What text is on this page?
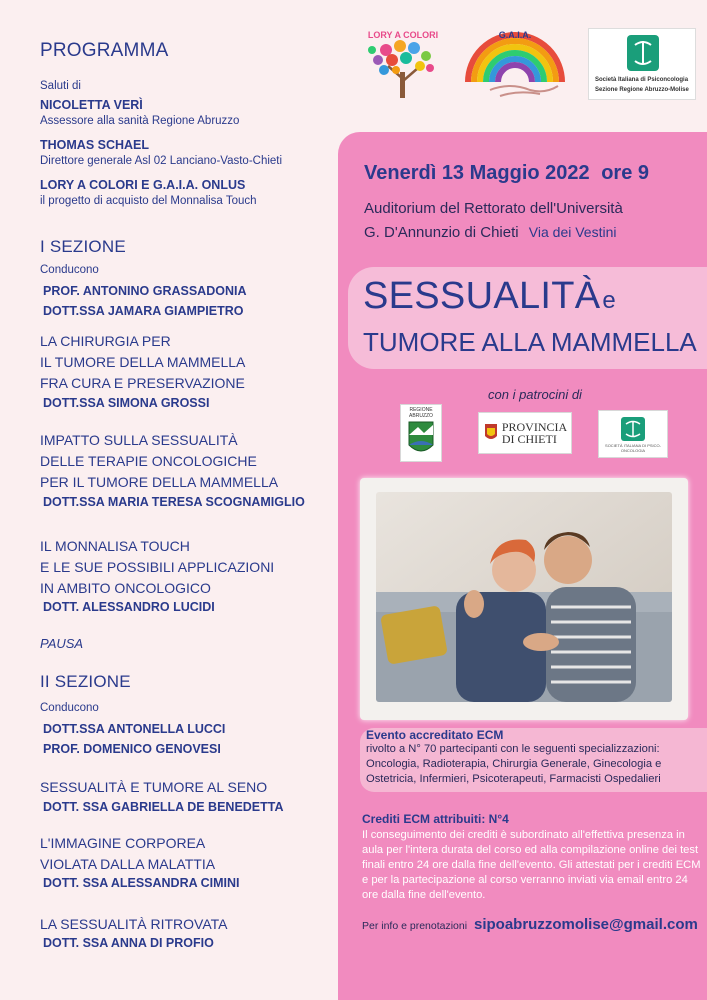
PROGRAMMA
Saluti di
NICOLETTA VERÌ
Assessore alla sanità Regione Abruzzo
THOMAS SCHAEL
Direttore generale Asl 02 Lanciano-Vasto-Chieti
LORY A COLORI E G.A.I.A. ONLUS
il progetto di acquisto del Monnalisa Touch
I SEZIONE
Conducono
PROF. ANTONINO GRASSADONIA
DOTT.SSA JAMARA GIAMPIETRO
LA CHIRURGIA PER
IL TUMORE DELLA MAMMELLA
FRA CURA E PRESERVAZIONE
DOTT.SSA SIMONA GROSSI
IMPATTO SULLA SESSUALITÀ
DELLE TERAPIE ONCOLOGICHE
PER IL TUMORE DELLA MAMMELLA
DOTT.SSA MARIA TERESA SCOGNAMIGLIO
IL MONNALISA TOUCH
E LE SUE POSSIBILI APPLICAZIONI
IN AMBITO ONCOLOGICO
DOTT. ALESSANDRO LUCIDI
PAUSA
II SEZIONE
Conducono
DOTT.SSA ANTONELLA LUCCI
PROF. DOMENICO GENOVESI
SESSUALITÀ E TUMORE AL SENO
DOTT. SSA GABRIELLA DE BENEDETTA
L'IMMAGINE CORPOREA
VIOLATA DALLA MALATTIA
DOTT. SSA ALESSANDRA CIMINI
LA SESSUALITÀ RITROVATA
DOTT. SSA ANNA DI PROFIO
LORY A COLORI	G.A.I.A.
Società Italiana di Psiconcologia
Sezione Regione Abruzzo-Molise
Venerdì 13 Maggio 2022 ore 9
Auditorium del Rettorato dell'Università
G. D'Annunzio di Chieti Via dei Vestini
SESSUALITÀe
TUMORE ALLA MAMMELLA
con i patrocini di
REGIONE ABRUZZO
PROVINCIA
DI CHIETI	SOCIETÀ ITALIANA DI PSICO-ONCOLOGIA
Evento accreditato ECM
rivolto a N° 70 partecipanti con le seguenti specializzazioni: Oncologia, Radioterapia, Chirurgia Generale, Ginecologia e Ostetricia, Infermieri, Psicoterapeuti, Farmacisti Ospedalieri
Crediti ECM attribuiti: N°4
Il conseguimento dei crediti è subordinato all'effettiva presenza in aula per l'intera durata del corso ed alla compilazione online dei test finali entro 24 ore dalla fine dell'evento. Gli attestati per i crediti ECM e per la partecipazione al corso verranno inviati via email entro 24 ore dalla fine dell'evento.
Per info e prenotazioni sipoabruzzomolise@gmail.com
